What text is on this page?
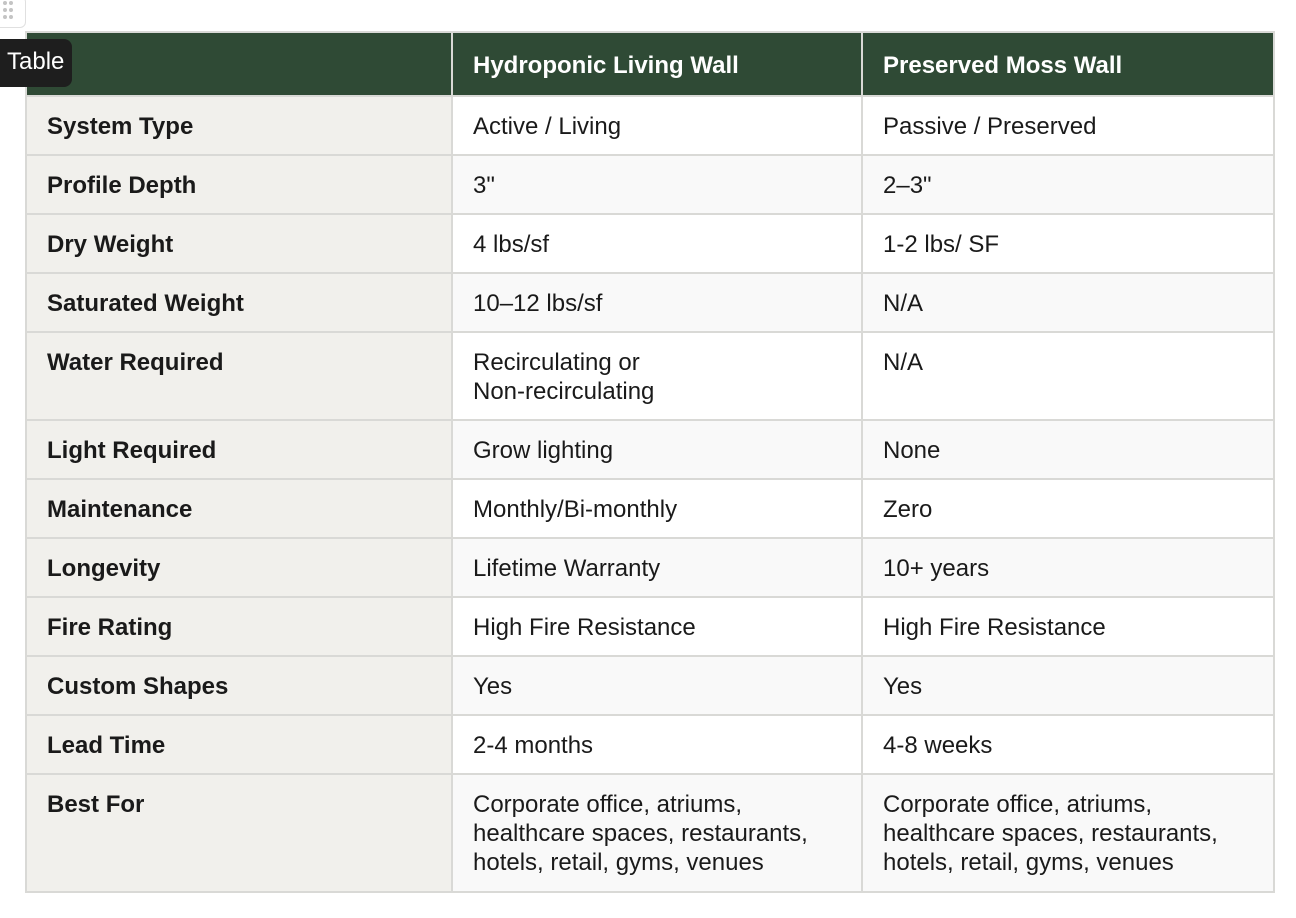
	Hydroponic Living Wall	Preserved Moss Wall
System Type	Active / Living	Passive / Preserved
Profile Depth	3"	2–3"
Dry Weight	4 lbs/sf	1-2 lbs/ SF
Saturated Weight	10–12 lbs/sf	N/A
Water Required	Recirculating or Non-recirculating	N/A
Light Required	Grow lighting	None
Maintenance	Monthly/Bi-monthly	Zero
Longevity	Lifetime Warranty	10+ years
Fire Rating	High Fire Resistance	High Fire Resistance
Custom Shapes	Yes	Yes
Lead Time	2-4 months	4-8 weeks
Best For	Corporate office, atriums, healthcare spaces, restaurants, hotels, retail, gyms, venues	Corporate office, atriums, healthcare spaces, restaurants, hotels, retail, gyms, venues
Table
